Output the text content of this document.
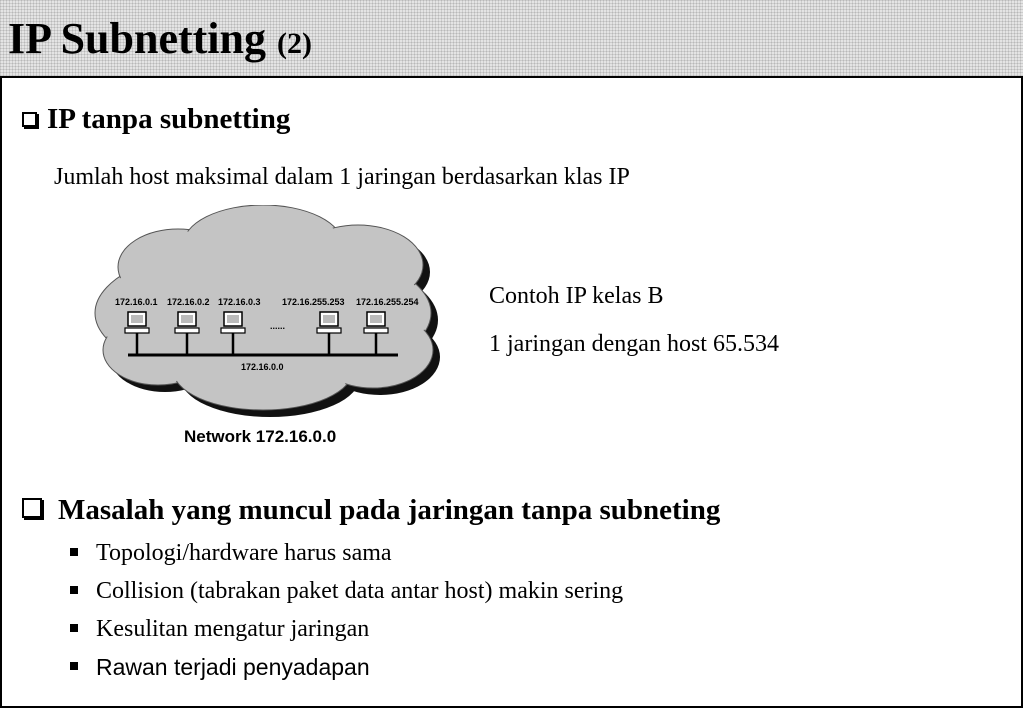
IP Subnetting (2)
IP tanpa subnetting
Jumlah host maksimal dalam 1 jaringan berdasarkan klas IP
172.16.0.1 172.16.0.2 172.16.0.3 172.16.255.253 172.16.255.254
......
172.16.0.0
Network 172.16.0.0
Contoh IP kelas B
1 jaringan dengan host 65.534
Masalah yang muncul pada jaringan tanpa subneting
Topologi/hardware harus sama
Collision (tabrakan paket data antar host) makin sering
Kesulitan mengatur jaringan
Rawan terjadi penyadapan
